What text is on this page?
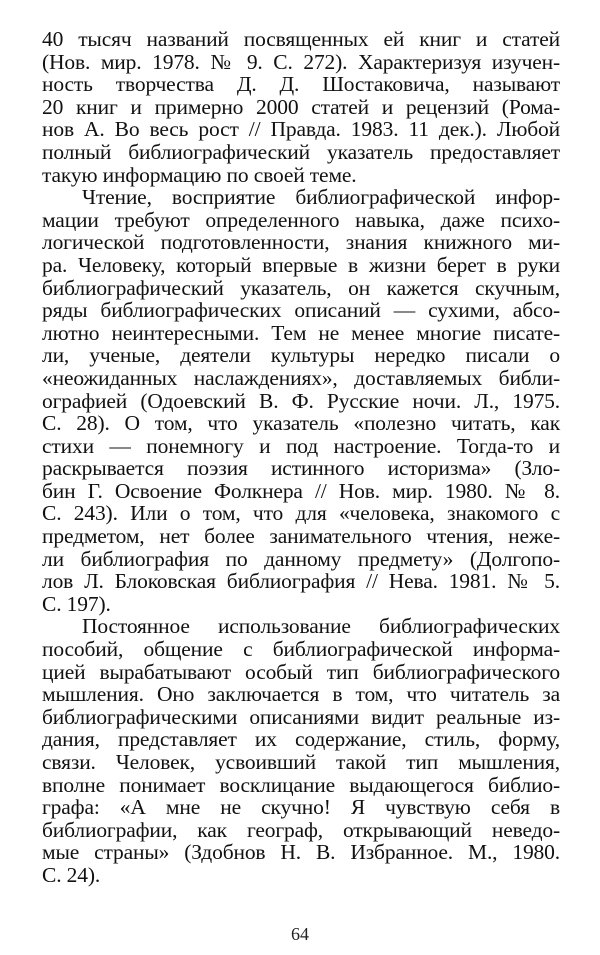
40 тысяч названий посвященных ей книг и статей
(Нов. мир. 1978. № 9. С. 272). Характеризуя изучен-
ность творчества Д. Д. Шостаковича, называют
20 книг и примерно 2000 статей и рецензий (Рома-
нов А. Во весь рост // Правда. 1983. 11 дек.). Любой
полный библиографический указатель предоставляет
такую информацию по своей теме.
Чтение, восприятие библиографической инфор-
мации требуют определенного навыка, даже психо-
логической подготовленности, знания книжного ми-
ра. Человеку, который впервые в жизни берет в руки
библиографический указатель, он кажется скучным,
ряды библиографических описаний — сухими, абсо-
лютно неинтересными. Тем не менее многие писате-
ли, ученые, деятели культуры нередко писали о
«неожиданных наслаждениях», доставляемых библи-
ографией (Одоевский В. Ф. Русские ночи. Л., 1975.
С. 28). О том, что указатель «полезно читать, как
стихи — понемногу и под настроение. Тогда-то и
раскрывается поэзия истинного историзма» (Зло-
бин Г. Освоение Фолкнера // Нов. мир. 1980. № 8.
С. 243). Или о том, что для «человека, знакомого с
предметом, нет более занимательного чтения, нежe-
ли библиография по данному предмету» (Долгопо-
лов Л. Блоковская библиография // Нева. 1981. № 5.
С. 197).
Постоянное использование библиографических
пособий, общение с библиографической информа-
цией вырабатывают особый тип библиографического
мышления. Оно заключается в том, что читатель за
библиографическими описаниями видит реальные из-
дания, представляет их содержание, стиль, форму,
связи. Человек, усвоивший такой тип мышления,
вполне понимает восклицание выдающегося библио-
графа: «А мне не скучно! Я чувствую себя в
библиографии, как географ, открывающий неведо-
мые страны» (Здобнов Н. В. Избранное. М., 1980.
С. 24).
64
